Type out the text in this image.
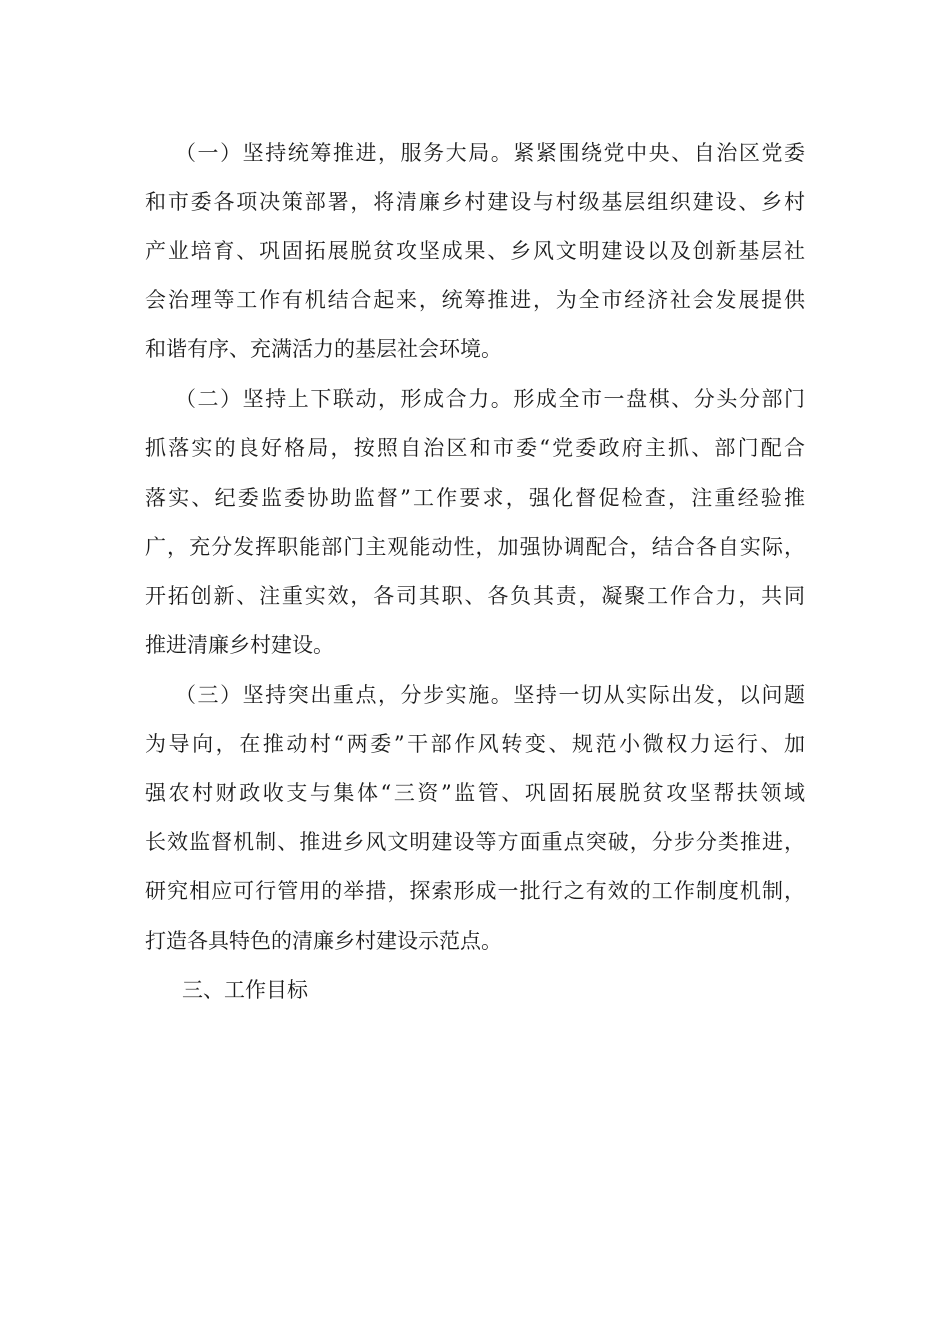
（一）坚持统筹推进，服务大局。紧紧围绕党中央、自治区党委
和市委各项决策部署，将清廉乡村建设与村级基层组织建设、乡村
产业培育、巩固拓展脱贫攻坚成果、乡风文明建设以及创新基层社
会治理等工作有机结合起来，统筹推进，为全市经济社会发展提供
和谐有序、充满活力的基层社会环境。
（二）坚持上下联动，形成合力。形成全市一盘棋、分头分部门
抓落实的良好格局，按照自治区和市委“党委政府主抓、部门配合
落实、纪委监委协助监督”工作要求，强化督促检查，注重经验推
广，充分发挥职能部门主观能动性，加强协调配合，结合各自实际，
开拓创新、注重实效，各司其职、各负其责，凝聚工作合力，共同
推进清廉乡村建设。
（三）坚持突出重点，分步实施。坚持一切从实际出发，以问题
为导向，在推动村“两委”干部作风转变、规范小微权力运行、加
强农村财政收支与集体“三资”监管、巩固拓展脱贫攻坚帮扶领域
长效监督机制、推进乡风文明建设等方面重点突破，分步分类推进，
研究相应可行管用的举措，探索形成一批行之有效的工作制度机制，
打造各具特色的清廉乡村建设示范点。
三、工作目标
